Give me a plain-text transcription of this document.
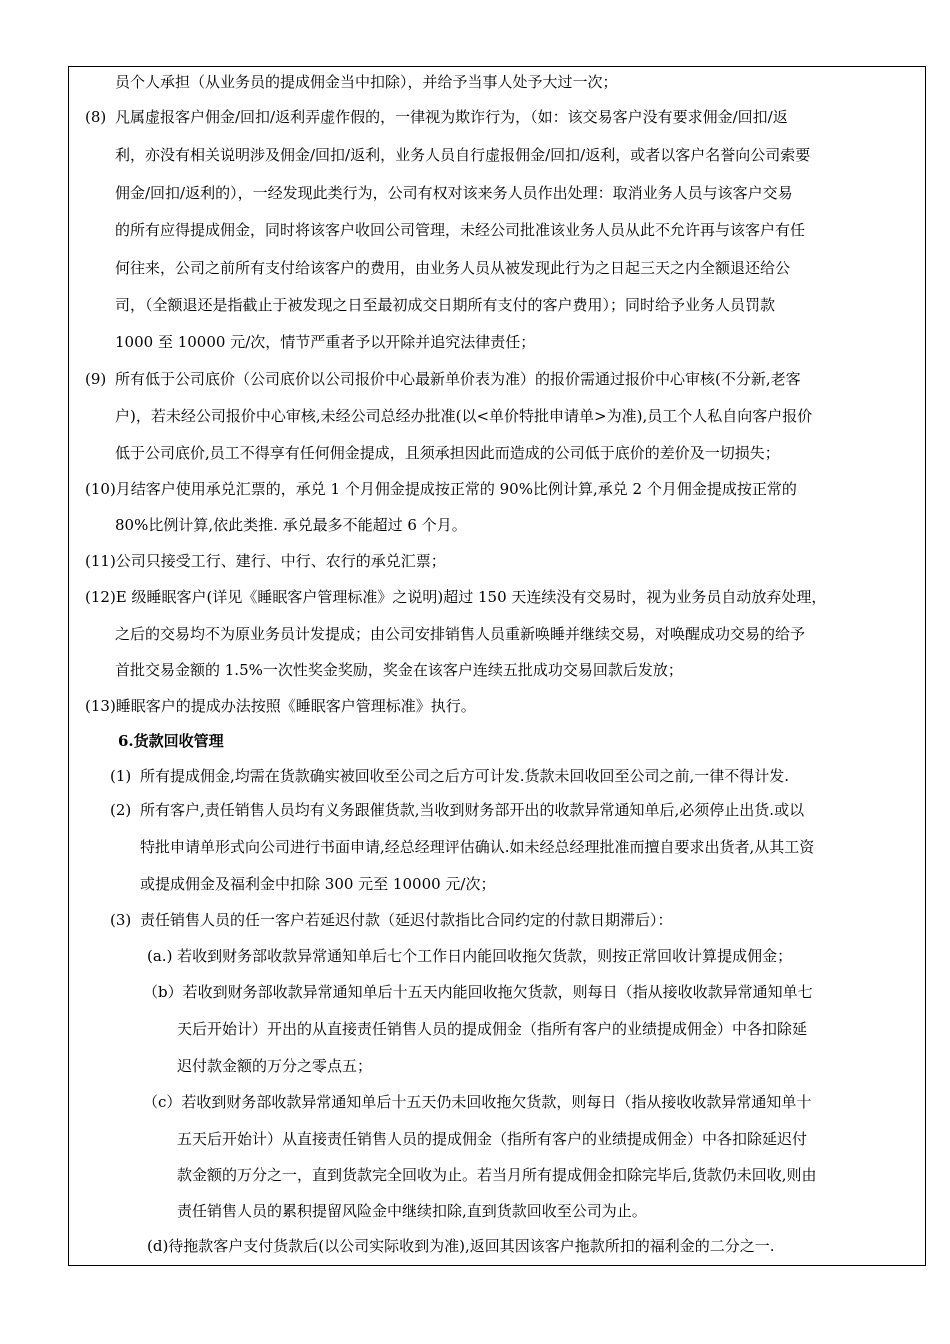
员个人承担（从业务员的提成佣金当中扣除），并给予当事人处予大过一次；
(8) 凡属虚报客户佣金/回扣/返利弄虚作假的，一律视为欺诈行为，（如：该交易客户没有要求佣金/回扣/返
利，亦没有相关说明涉及佣金/回扣/返利，业务人员自行虚报佣金/回扣/返利，或者以客户名誉向公司索要
佣金/回扣/返利的），一经发现此类行为，公司有权对该来务人员作出处理：取消业务人员与该客户交易
的所有应得提成佣金，同时将该客户收回公司管理，未经公司批准该业务人员从此不允许再与该客户有任
何往来，公司之前所有支付给该客户的费用，由业务人员从被发现此行为之日起三天之内全额退还给公
司，（全额退还是指截止于被发现之日至最初成交日期所有支付的客户费用）；同时给予业务人员罚款
1000 至 10000 元/次，情节严重者予以开除并追究法律责任；
(9) 所有低于公司底价（公司底价以公司报价中心最新单价表为准）的报价需通过报价中心审核(不分新,老客
户)，若未经公司报价中心审核,未经公司总经办批准(以<单价特批申请单>为准),员工个人私自向客户报价
低于公司底价,员工不得享有任何佣金提成，且须承担因此而造成的公司低于底价的差价及一切损失；
(10)月结客户使用承兑汇票的，承兑 1 个月佣金提成按正常的 90%比例计算,承兑 2 个月佣金提成按正常的
80%比例计算,依此类推. 承兑最多不能超过 6 个月。
(11)公司只接受工行、建行、中行、农行的承兑汇票；
(12)E 级睡眠客户(详见《睡眠客户管理标准》之说明)超过 150 天连续没有交易时，视为业务员自动放弃处理，
之后的交易均不为原业务员计发提成；由公司安排销售人员重新唤睡并继续交易，对唤醒成功交易的给予
首批交易金额的 1.5%一次性奖金奖励，奖金在该客户连续五批成功交易回款后发放；
(13)睡眠客户的提成办法按照《睡眠客户管理标准》执行。
6.货款回收管理
(1) 所有提成佣金,均需在货款确实被回收至公司之后方可计发.货款未回收回至公司之前,一律不得计发.
(2) 所有客户,责任销售人员均有义务跟催货款,当收到财务部开出的收款异常通知单后,必须停止出货.或以
特批申请单形式向公司进行书面申请,经总经理评估确认.如未经总经理批准而擅自要求出货者,从其工资
或提成佣金及福利金中扣除 300 元至 10000 元/次；
(3) 责任销售人员的任一客户若延迟付款（延迟付款指比合同约定的付款日期滞后）：
(a.) 若收到财务部收款异常通知单后七个工作日内能回收拖欠货款，则按正常回收计算提成佣金；
（b）若收到财务部收款异常通知单后十五天内能回收拖欠货款，则每日（指从接收收款异常通知单七
天后开始计）开出的从直接责任销售人员的提成佣金（指所有客户的业绩提成佣金）中各扣除延
迟付款金额的万分之零点五；
（c）若收到财务部收款异常通知单后十五天仍未回收拖欠货款，则每日（指从接收收款异常通知单十
五天后开始计）从直接责任销售人员的提成佣金（指所有客户的业绩提成佣金）中各扣除延迟付
款金额的万分之一，直到货款完全回收为止。若当月所有提成佣金扣除完毕后,货款仍未回收,则由
责任销售人员的累积提留风险金中继续扣除,直到货款回收至公司为止。
(d)待拖款客户支付货款后(以公司实际收到为准),返回其因该客户拖款所扣的福利金的二分之一.
